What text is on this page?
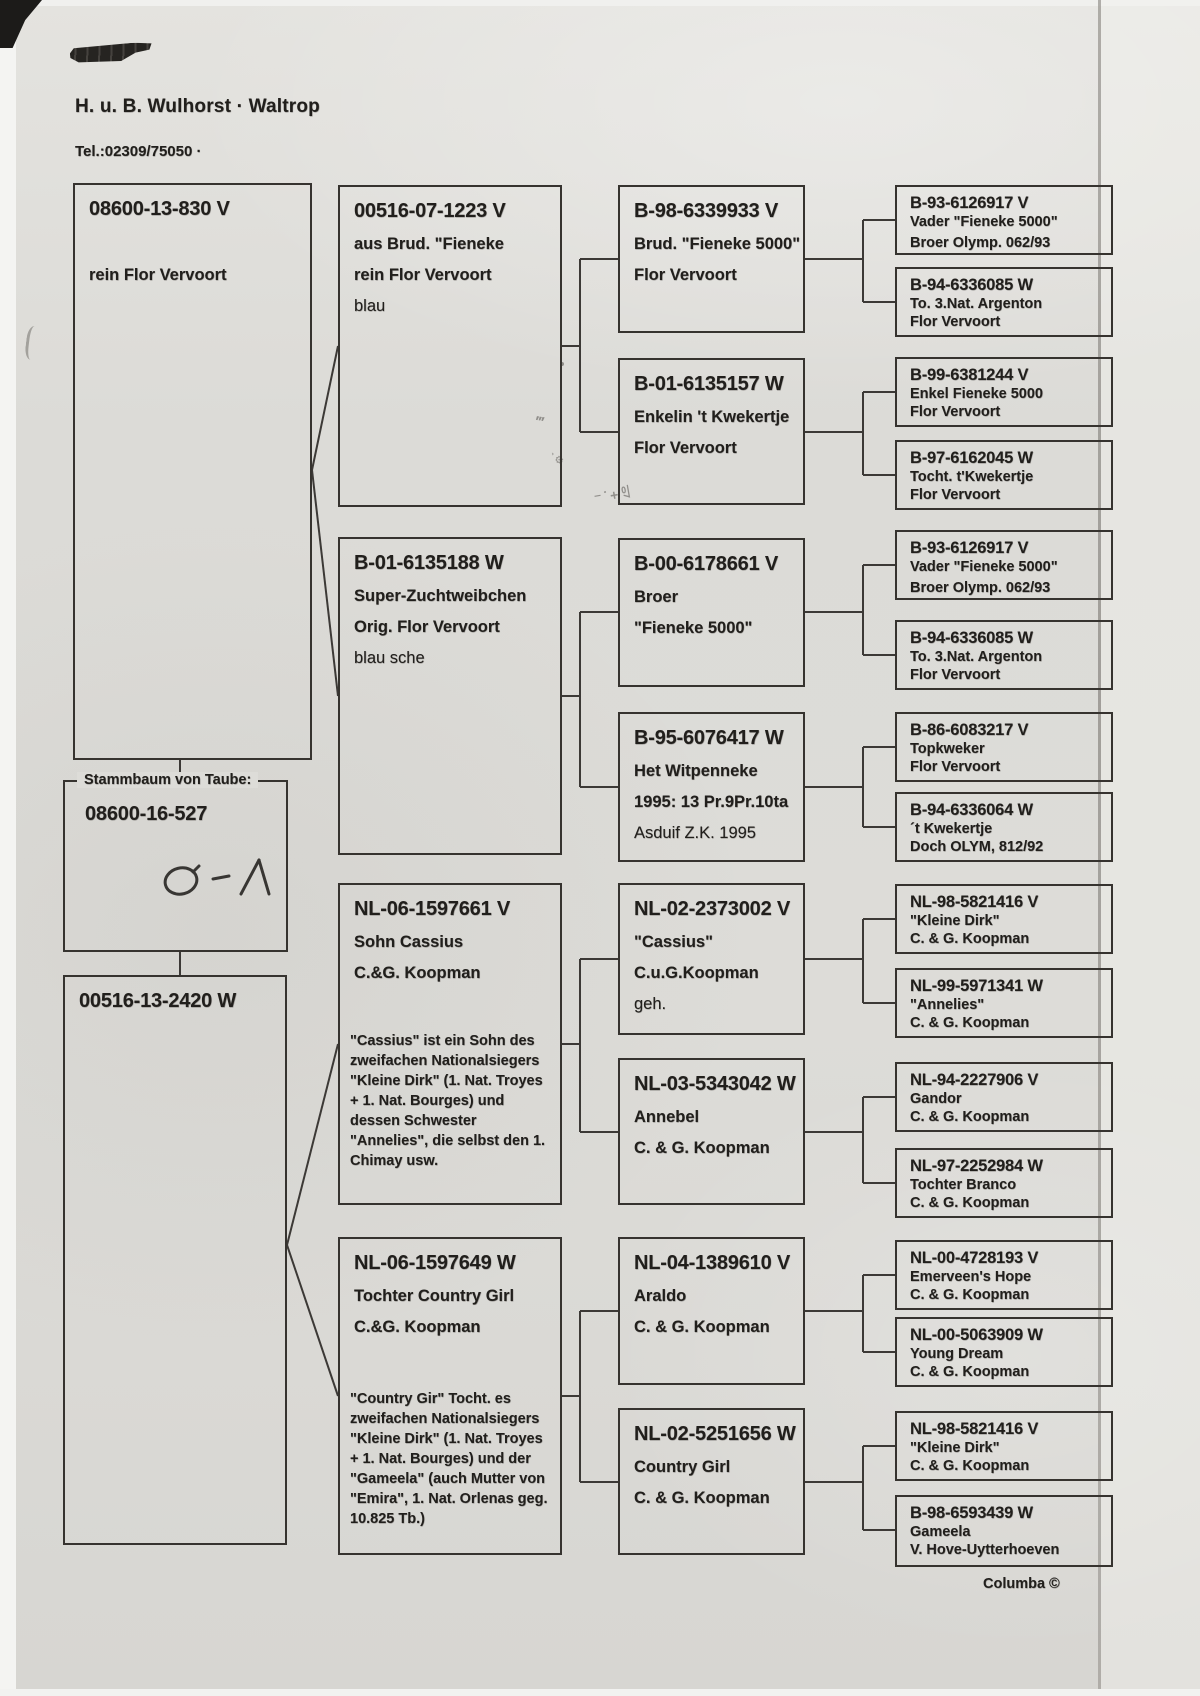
‴
ʾ۞
⁻˙+ꆾ
H. u. B. Wulhorst · Waltrop
Tel.:02309/75050 ·
08600-13-830 V
rein Flor Vervoort
Stammbaum von Taube:
08600-16-527
00516-13-2420 W
00516-07-1223 V
aus Brud. "Fieneke
rein Flor Vervoort
blau
B-01-6135188 W
Super-Zuchtweibchen
Orig. Flor Vervoort
blau sche
NL-06-1597661 V
Sohn Cassius
C.&G. Koopman
"Cassius" ist ein Sohn des zweifachen Nationalsiegers "Kleine Dirk" (1. Nat. Troyes + 1. Nat. Bourges) und dessen Schwester "Annelies", die selbst den 1. Chimay usw.
NL-06-1597649 W
Tochter Country Girl
C.&G. Koopman
"Country Gir" Tocht. es zweifachen Nationalsiegers "Kleine Dirk" (1. Nat. Troyes + 1. Nat. Bourges) und der "Gameela" (auch Mutter von "Emira", 1. Nat. Orlenas geg. 10.825 Tb.)
B-98-6339933 V
Brud. "Fieneke 5000"
Flor Vervoort
B-01-6135157 W
Enkelin 't Kwekertje
Flor Vervoort
B-00-6178661 V
Broer
"Fieneke 5000"
B-95-6076417 W
Het Witpenneke
1995: 13 Pr.9Pr.10ta
Asduif Z.K. 1995
NL-02-2373002 V
"Cassius"
C.u.G.Koopman
geh.
NL-03-5343042 W
Annebel
C. & G. Koopman
NL-04-1389610 V
Araldo
C. & G. Koopman
NL-02-5251656 W
Country Girl
C. & G. Koopman
B-93-6126917 V
Vader "Fieneke 5000"
Broer Olymp. 062/93
B-94-6336085 W
To. 3.Nat. Argenton
Flor Vervoort
B-99-6381244 V
Enkel Fieneke 5000
Flor Vervoort
B-97-6162045 W
Tocht. t'Kwekertje
Flor Vervoort
B-93-6126917 V
Vader "Fieneke 5000"
Broer Olymp. 062/93
B-94-6336085 W
To. 3.Nat. Argenton
Flor Vervoort
B-86-6083217 V
Topkweker
Flor Vervoort
B-94-6336064 W
´t Kwekertje
Doch OLYM, 812/92
NL-98-5821416 V
"Kleine Dirk"
C. & G. Koopman
NL-99-5971341 W
"Annelies"
C. & G. Koopman
NL-94-2227906 V
Gandor
C. & G. Koopman
NL-97-2252984 W
Tochter Branco
C. & G. Koopman
NL-00-4728193 V
Emerveen's Hope
C. & G. Koopman
NL-00-5063909 W
Young Dream
C. & G. Koopman
NL-98-5821416 V
"Kleine Dirk"
C. & G. Koopman
B-98-6593439 W
Gameela
V. Hove-Uytterhoeven
Columba ©
